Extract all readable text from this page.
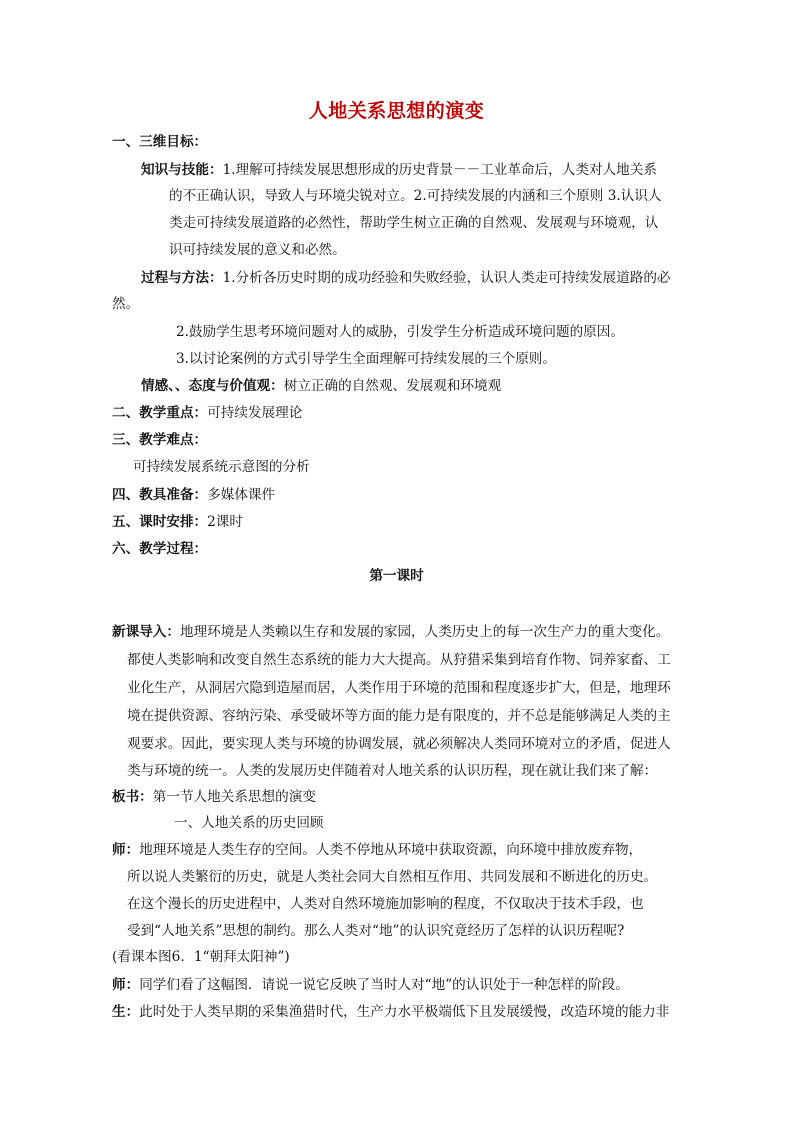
人地关系思想的演变
一、三维目标：
知识与技能：1.理解可持续发展思想形成的历史背景－－工业革命后，人类对人地关系
的不正确认识，导致人与环境尖锐对立。2.可持续发展的内涵和三个原则 3.认识人
类走可持续发展道路的必然性，帮助学生树立正确的自然观、发展观与环境观，认
识可持续发展的意义和必然。
过程与方法：1.分析各历史时期的成功经验和失败经验，认识人类走可持续发展道路的必
然。
2.鼓励学生思考环境问题对人的威胁，引发学生分析造成环境问题的原因。
3.以讨论案例的方式引导学生全面理解可持续发展的三个原则。
情感、、态度与价值观：树立正确的自然观、发展观和环境观
二、教学重点：可持续发展理论
三、教学难点：
可持续发展系统示意图的分析
四、教具准备：多媒体课件
五、课时安排：2课时
六、教学过程：
第一课时
新课导入：地理环境是人类赖以生存和发展的家园，人类历史上的每一次生产力的重大变化。
都使人类影响和改变自然生态系统的能力大大提高。从狩猎采集到培育作物、饲养家畜、工
业化生产，从洞居穴隐到造屋而居，人类作用于环境的范围和程度逐步扩大，但是，地理环
境在提供资源、容纳污染、承受破坏等方面的能力是有限度的，并不总是能够满足人类的主
观要求。因此，要实现人类与环境的协调发展，就必须解决人类同环境对立的矛盾，促进人
类与环境的统一。人类的发展历史伴随着对人地关系的认识历程，现在就让我们来了解：
板书：第一节人地关系思想的演变
一、人地关系的历史回顾
师：地理环境是人类生存的空间。人类不停地从环境中获取资源，向环境中排放废弃物，
所以说人类繁衍的历史，就是人类社会同大自然相互作用、共同发展和不断进化的历史。
在这个漫长的历史进程中，人类对自然环境施加影响的程度，不仅取决于技术手段，也
受到“人地关系”思想的制约。那么人类对“地”的认识究竟经历了怎样的认识历程呢?
(看课本图6．1“朝拜太阳神”)
师：同学们看了这幅图．请说一说它反映了当时人对“地”的认识处于一种怎样的阶段。
生：此时处于人类早期的采集渔猎时代，生产力水平极端低下且发展缓慢，改造环境的能力非
